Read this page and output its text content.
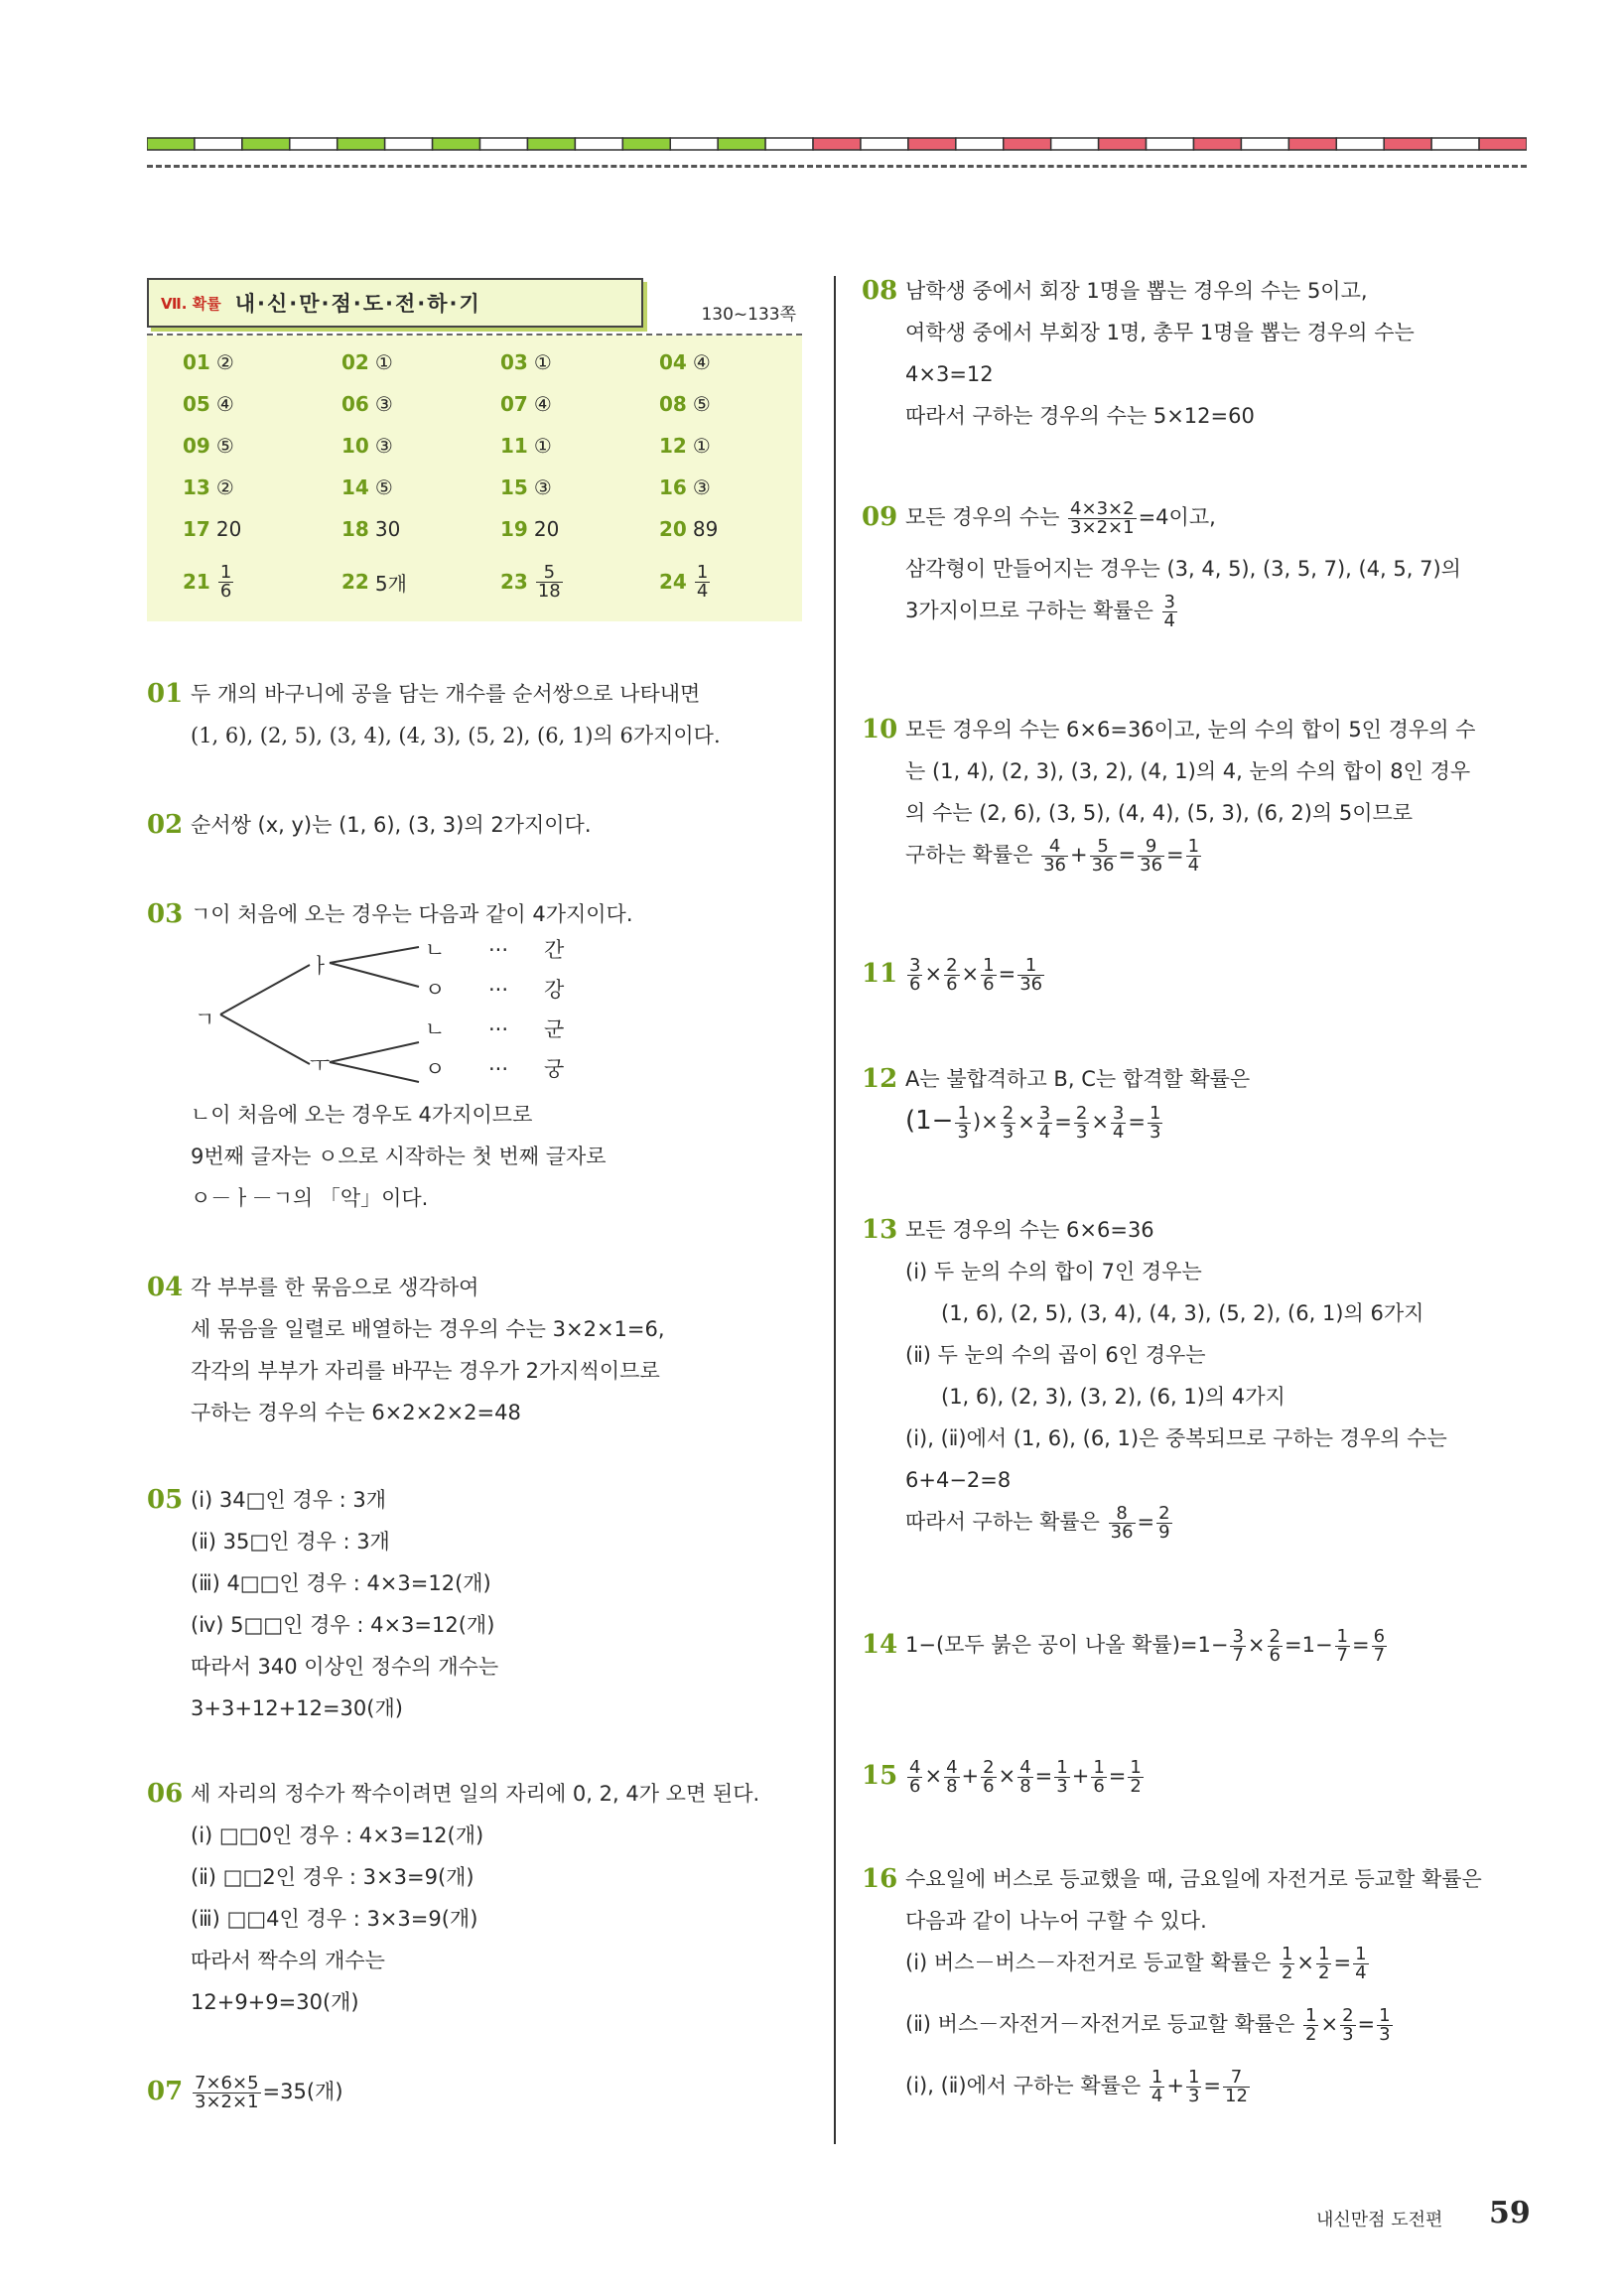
Ⅶ. 확률 내·신·만·점·도·전·하·기	130~133쪽
01 ②	02 ①	03 ①	04 ④
05 ④	06 ③	07 ④	08 ⑤
09 ⑤	10 ③	11 ①	12 ①
13 ②	14 ⑤	15 ③	16 ③
17 20	18 30	19 20	20 89
$21 \frac{1}{6}$	22 5개	$23 \frac{5}{18}$	$24 \frac{1}{4}$
01 두 개의 바구니에 공을 담는 개수를 순서쌍으로 나타내면
(1, 6), (2, 5), (3, 4), (4, 3), (5, 2), (6, 1)의 6가지이다.
02 순서쌍 (x, y)는 (1, 6), (3, 3)의 2가지이다.
03 ㄱ이 처음에 오는 경우는 다음과 같이 4가지이다.
ㄱ
ㅏ
ㅜ
ㄴ
ㅇ
ㄴ
ㅇ
···
···
···
···
간
강
군
궁
ㄴ이 처음에 오는 경우도 4가지이므로
9번째 글자는 ㅇ으로 시작하는 첫 번째 글자로
ㅇ－ㅏ－ㄱ의 「악」이다.
04 각 부부를 한 묶음으로 생각하여
세 묶음을 일렬로 배열하는 경우의 수는 3×2×1=6,
각각의 부부가 자리를 바꾸는 경우가 2가지씩이므로
구하는 경우의 수는 6×2×2×2=48
05 (ⅰ) 34□인 경우 : 3개
(ⅱ) 35□인 경우 : 3개
(ⅲ) 4□□인 경우 : 4×3=12(개)
(ⅳ) 5□□인 경우 : 4×3=12(개)
따라서 340 이상인 정수의 개수는
3+3+12+12=30(개)
06 세 자리의 정수가 짝수이려면 일의 자리에 0, 2, 4가 오면 된다.
(ⅰ) □□0인 경우 : 4×3=12(개)
(ⅱ) □□2인 경우 : 3×3=9(개)
(ⅲ) □□4인 경우 : 3×3=9(개)
따라서 짝수의 개수는
12+9+9=30(개)
$07 \frac{7\times 6\times 5}{3\times 2\times 1} =35$(개)
08 남학생 중에서 회장 1명을 뽑는 경우의 수는 5이고,
여학생 중에서 부회장 1명, 총무 1명을 뽑는 경우의 수는
4×3=12
따라서 구하는 경우의 수는 5×12=60
09 모든 경우의 수는 $\frac{4\times 3\times 2}{3\times 2\times 1} =4$이고,
삼각형이 만들어지는 경우는 (3, 4, 5), (3, 5, 7), (4, 5, 7)의
3가지이므로 구하는 확률은 $\frac{3}{4}$
10 모든 경우의 수는 6×6=36이고, 눈의 수의 합이 5인 경우의 수
는 (1, 4), (2, 3), (3, 2), (4, 1)의 4, 눈의 수의 합이 8인 경우
의 수는 (2, 6), (3, 5), (4, 4), (5, 3), (6, 2)의 5이므로
구하는 확률은 $\frac{4}{36} + \frac{5}{36} = \frac{9}{36} = \frac{1}{4}$
$11 \frac{3}{6} \times \frac{2}{6} \times \frac{1}{6} = \frac{1}{36}$
12 A는 불합격하고 B, C는 합격할 확률은
($1- \frac{1}{3}$ )× $\frac{2}{3} \times \frac{3}{4} = \frac{2}{3} \times \frac{3}{4} = \frac{1}{3}$
13 모든 경우의 수는 6×6=36
(ⅰ) 두 눈의 수의 합이 7인 경우는
(1, 6), (2, 5), (3, 4), (4, 3), (5, 2), (6, 1)의 6가지
(ⅱ) 두 눈의 수의 곱이 6인 경우는
(1, 6), (2, 3), (3, 2), (6, 1)의 4가지
(ⅰ), (ⅱ)에서 (1, 6), (6, 1)은 중복되므로 구하는 경우의 수는
6+4−2=8
따라서 구하는 확률은 $\frac{8}{36} = \frac{2}{9}$
14 1−(모두 붉은 공이 나올 확률)$=1- \frac{3}{7} \times \frac{2}{6} =1- \frac{1}{7} = \frac{6}{7}$
$15 \frac{4}{6} \times \frac{4}{8} + \frac{2}{6} \times \frac{4}{8} = \frac{1}{3} + \frac{1}{6} = \frac{1}{2}$
16 수요일에 버스로 등교했을 때, 금요일에 자전거로 등교할 확률은
다음과 같이 나누어 구할 수 있다.
(ⅰ) 버스－버스－자전거로 등교할 확률은 $\frac{1}{2} \times \frac{1}{2} = \frac{1}{4}$
(ⅱ) 버스－자전거－자전거로 등교할 확률은 $\frac{1}{2} \times \frac{2}{3} = \frac{1}{3}$
(ⅰ), (ⅱ)에서 구하는 확률은 $\frac{1}{4} + \frac{1}{3} = \frac{7}{12}$
내신만점 도전편 59
